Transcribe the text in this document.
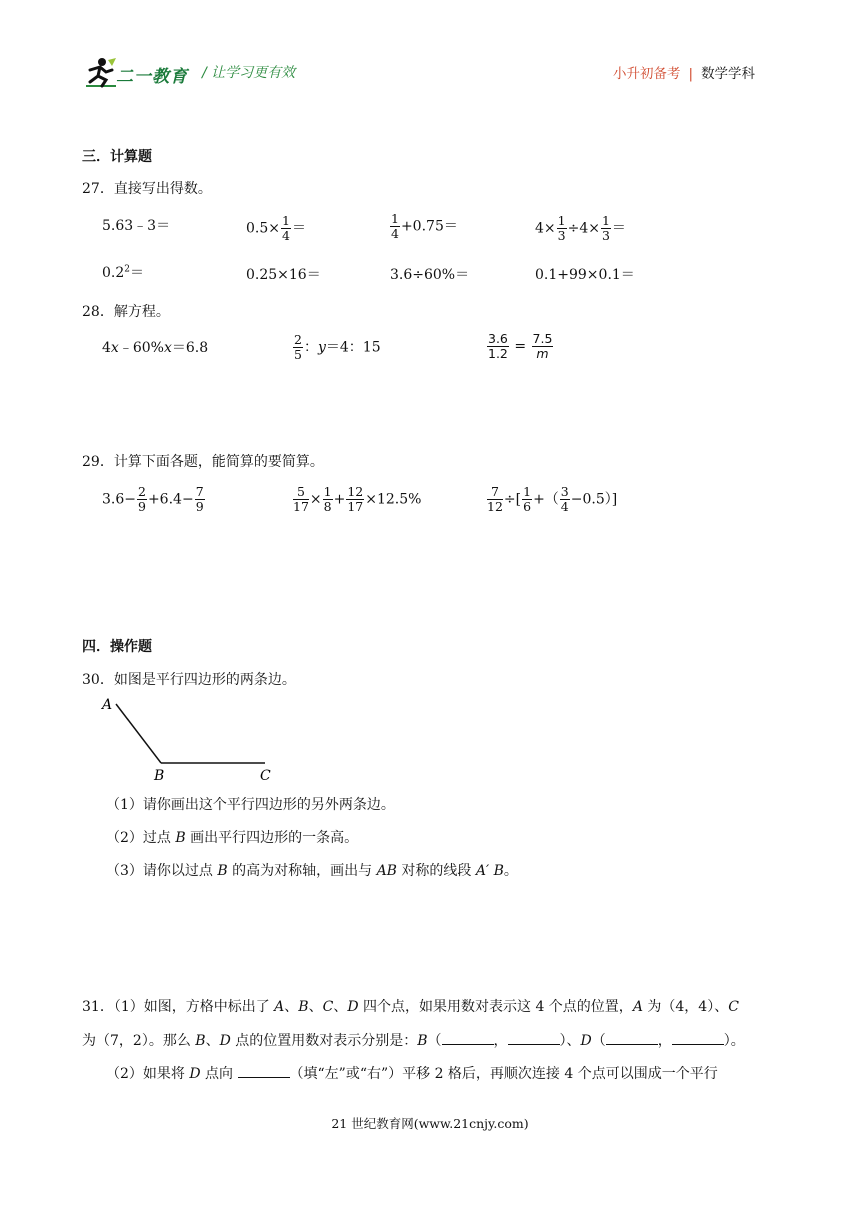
二一教育 / 让学习更有效	小升初备考 | 数学学科
三．计算题
27．直接写出得数。
5.63﹣3＝	$0.5\times \frac{1}{4}$ ＝	$\frac{1}{4} +0.75=$	$4\times \frac{1}{3} \div 4\times \frac{1}{3}$ ＝
$0.2^2=$	0.25×16＝	3.6÷60%＝	0.1+99×0.1＝
28．解方程。
4x﹣60%x＝6.8	$\frac{2}{5}$ ：y＝4：15	$\frac{3.6}{1.2} = \frac{7.5}{m}$
29．计算下面各题，能简算的要简算。
$3.6- \frac{2}{9} +6.4- \frac{7}{9}$	$\frac{5}{17} \times \frac{1}{8} + \frac{12}{17} \times 12.5\%$	$\frac{7}{12}$ ÷[ $\frac{1}{6}$ +（ $\frac{3}{4} -0.5$）]
四．操作题
30．如图是平行四边形的两条边。
A
B	C
（1）请你画出这个平行四边形的另外两条边。
（2）过点 B 画出平行四边形的一条高。
（3）请你以过点 B 的高为对称轴，画出与 AB 对称的线段 A′ B。
31．（1）如图，方格中标出了 A、B、C、D 四个点，如果用数对表示这 4 个点的位置，A 为（4，4）、C
为（7，2）。那么 B、D 点的位置用数对表示分别是：B（	，	）、D（	，	）。
（2）如果将 D 点向	（填“左”或“右”）平移 2 格后，再顺次连接 4 个点可以围成一个平行
21 世纪教育网(www.21cnjy.com)
